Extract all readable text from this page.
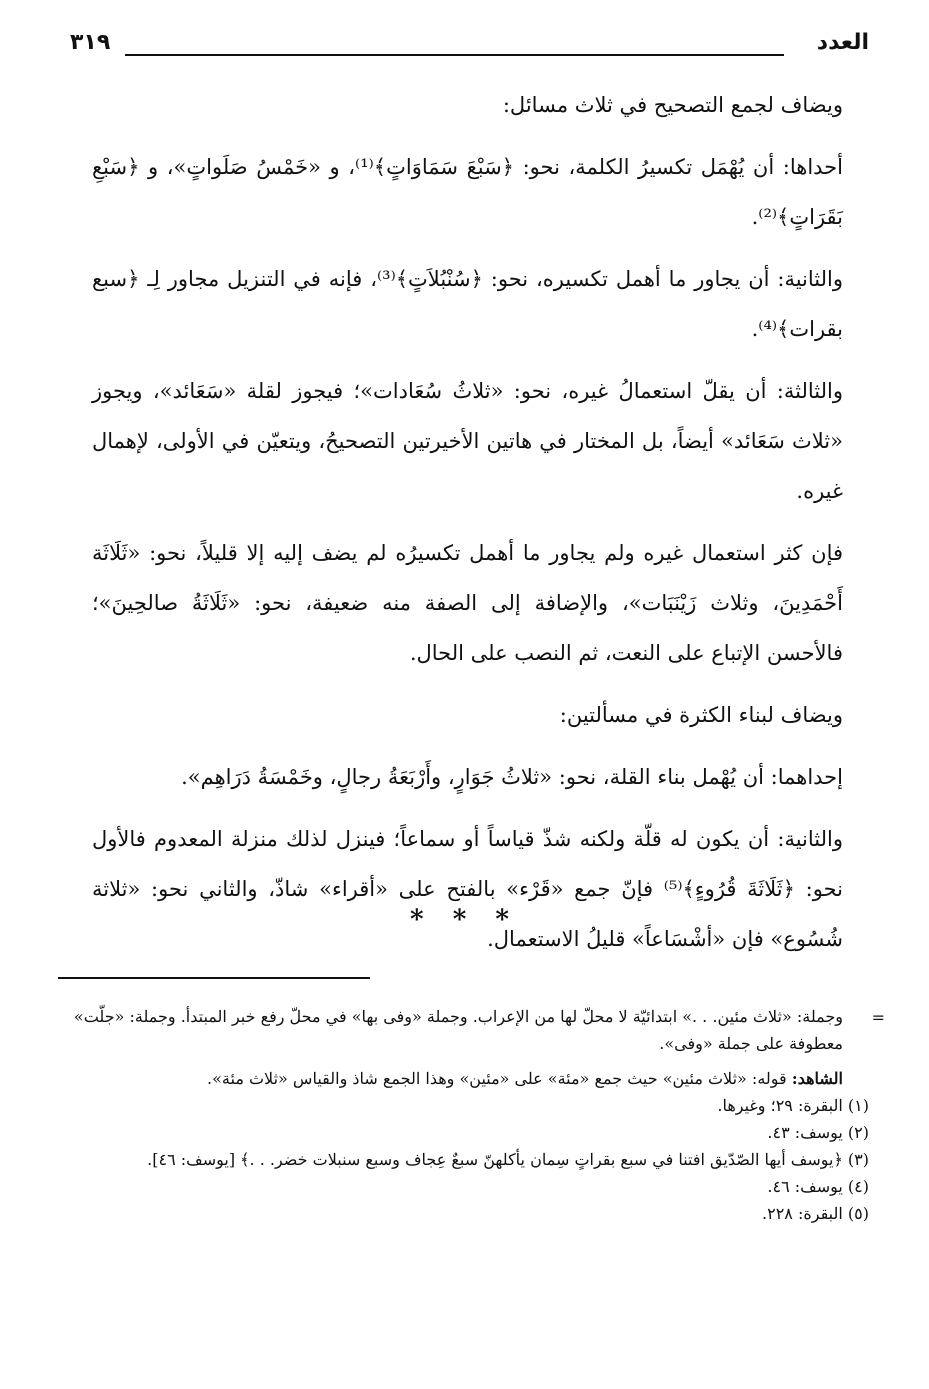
العدد
٣١٩

ويضاف لجمع التصحيح في ثلاث مسائل:

أحداها: أن يُهْمَل تكسيرُ الكلمة، نحو: ﴿سَبْعَ سَمَاوَاتٍ﴾⁽¹⁾، و «خَمْسُ صَلَواتٍ»، و ﴿سَبْعِ بَقَرَاتٍ﴾⁽²⁾.

والثانية: أن يجاور ما أهمل تكسيره، نحو: ﴿سُنْبُلاَتٍ﴾⁽³⁾، فإنه في التنزيل مجاور لِـ ﴿سبع بقرات﴾⁽⁴⁾.

والثالثة: أن يقلّ استعمالُ غيره، نحو: «ثلاثُ سُعَادات»؛ فيجوز لقلة «سَعَائد»، ويجوز «ثلاث سَعَائد» أيضاً، بل المختار في هاتين الأخيرتين التصحيحُ، ويتعيّن في الأولى، لإهمال غيره.

فإن كثر استعمال غيره ولم يجاور ما أهمل تكسيرُه لم يضف إليه إلا قليلاً، نحو: «ثَلَاثَة أَحْمَدِينَ، وثلاث زَيْنَبَات»، والإضافة إلى الصفة منه ضعيفة، نحو: «ثَلَاثَةُ صالحِينَ»؛ فالأحسن الإتباع على النعت، ثم النصب على الحال.

ويضاف لبناء الكثرة في مسألتين:

إحداهما: أن يُهْمل بناء القلة، نحو: «ثلاثُ جَوَارٍ، وأَرْبَعَةُ رجالٍ، وخَمْسَةُ دَرَاهِم».

والثانية: أن يكون له قلّة ولكنه شذّ قياساً أو سماعاً؛ فينزل لذلك منزلة المعدوم فالأول نحو: ﴿ثَلَاثَةَ قُرُوءٍ﴾⁽⁵⁾ فإنّ جمع «قَرْء» بالفتح على «أقراء» شاذّ، والثاني نحو: «ثلاثة شُسُوع» فإن «أشْسَاعاً» قليلُ الاستعمال.

* * *
=

وجملة: «ثلاث مئين. . .» ابتدائيّة لا محلّ لها من الإعراب. وجملة «وفى بها» في محلّ رفع خبر المبتدأ. وجملة: «جلّت» معطوفة على جملة «وفى».

الشاهد: قوله: «ثلاث مئين» حيث جمع «مئة» على «مئين» وهذا الجمع شاذ والقياس «ثلاث مئة».

(١) البقرة: ٢٩؛ وغيرها.

(٢) يوسف: ٤٣.

(٣) ﴿يوسف أيها الصّدّيق افتنا في سبع بقراتٍ سِمان يأكلهنّ سبعٌ عِجاف وسبع سنبلات خضر. . .﴾ [يوسف: ٤٦].

(٤) يوسف: ٤٦.

(٥) البقرة: ٢٢٨.
